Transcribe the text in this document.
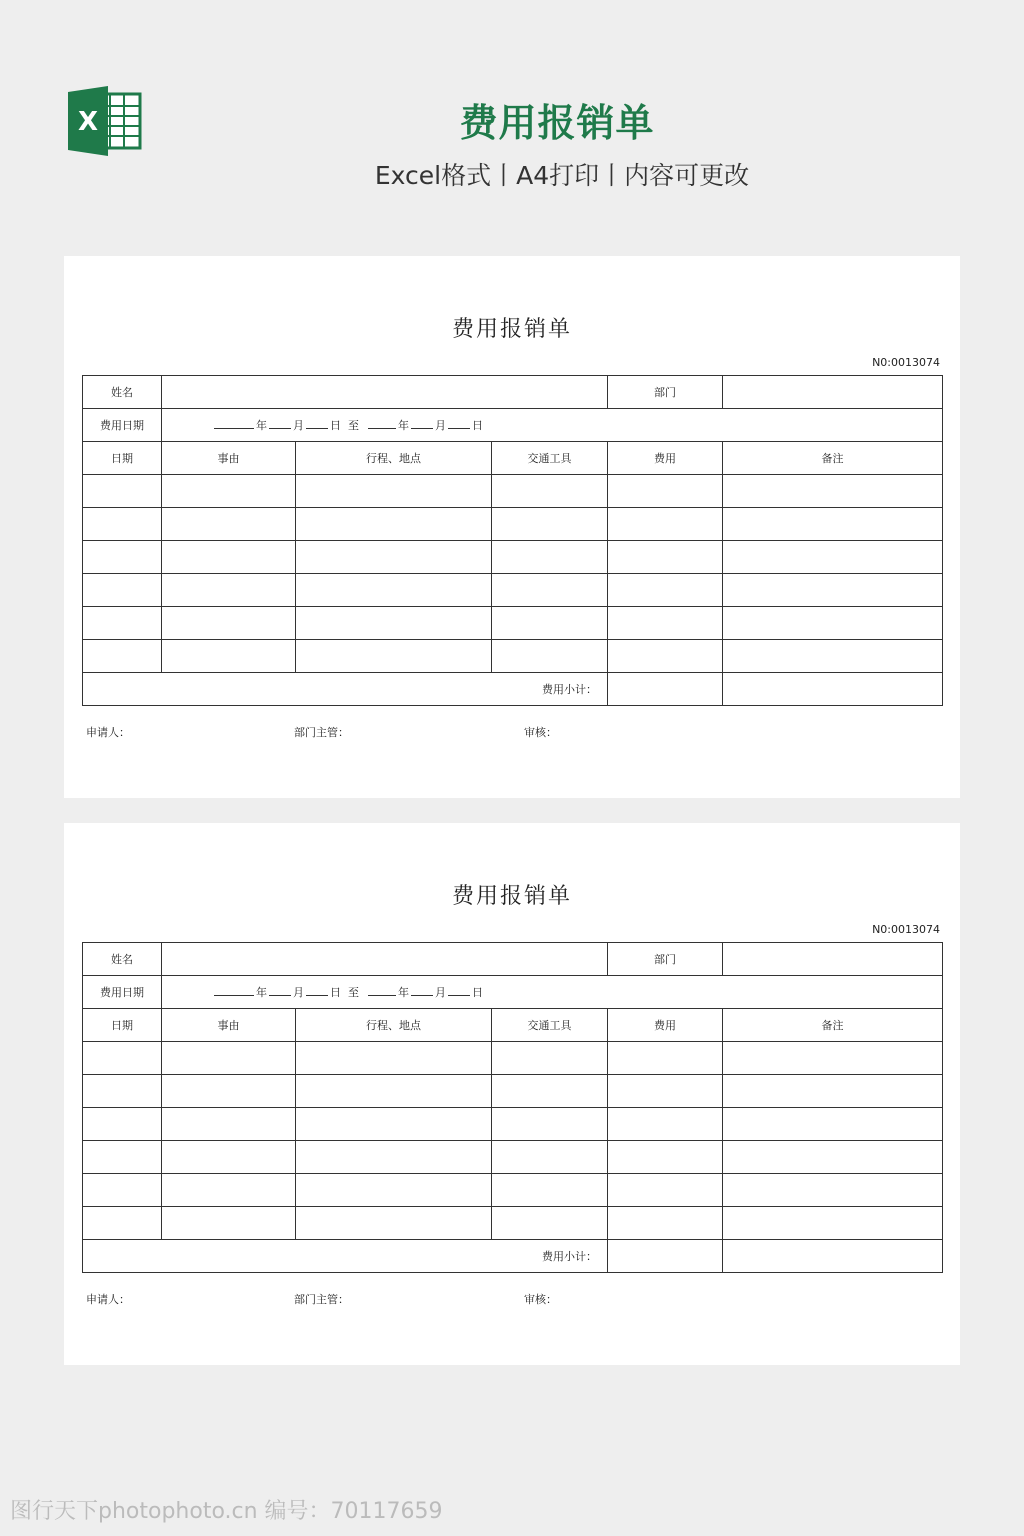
X	费用报销单
Excel格式丨A4打印丨内容可更改
费用报销单
N0:0013074
姓名				部门	
费用日期	年 月 日 至 年 月 日				
日期	事由	行程、地点	交通工具	费用	备注

费用小计：					
申请人：	部门主管：	审核：
费用报销单
N0:0013074
姓名				部门	
费用日期	年 月 日 至 年 月 日				
日期	事由	行程、地点	交通工具	费用	备注

费用小计：					
申请人：	部门主管：	审核：
图行天下photophoto.cn 编号：70117659
